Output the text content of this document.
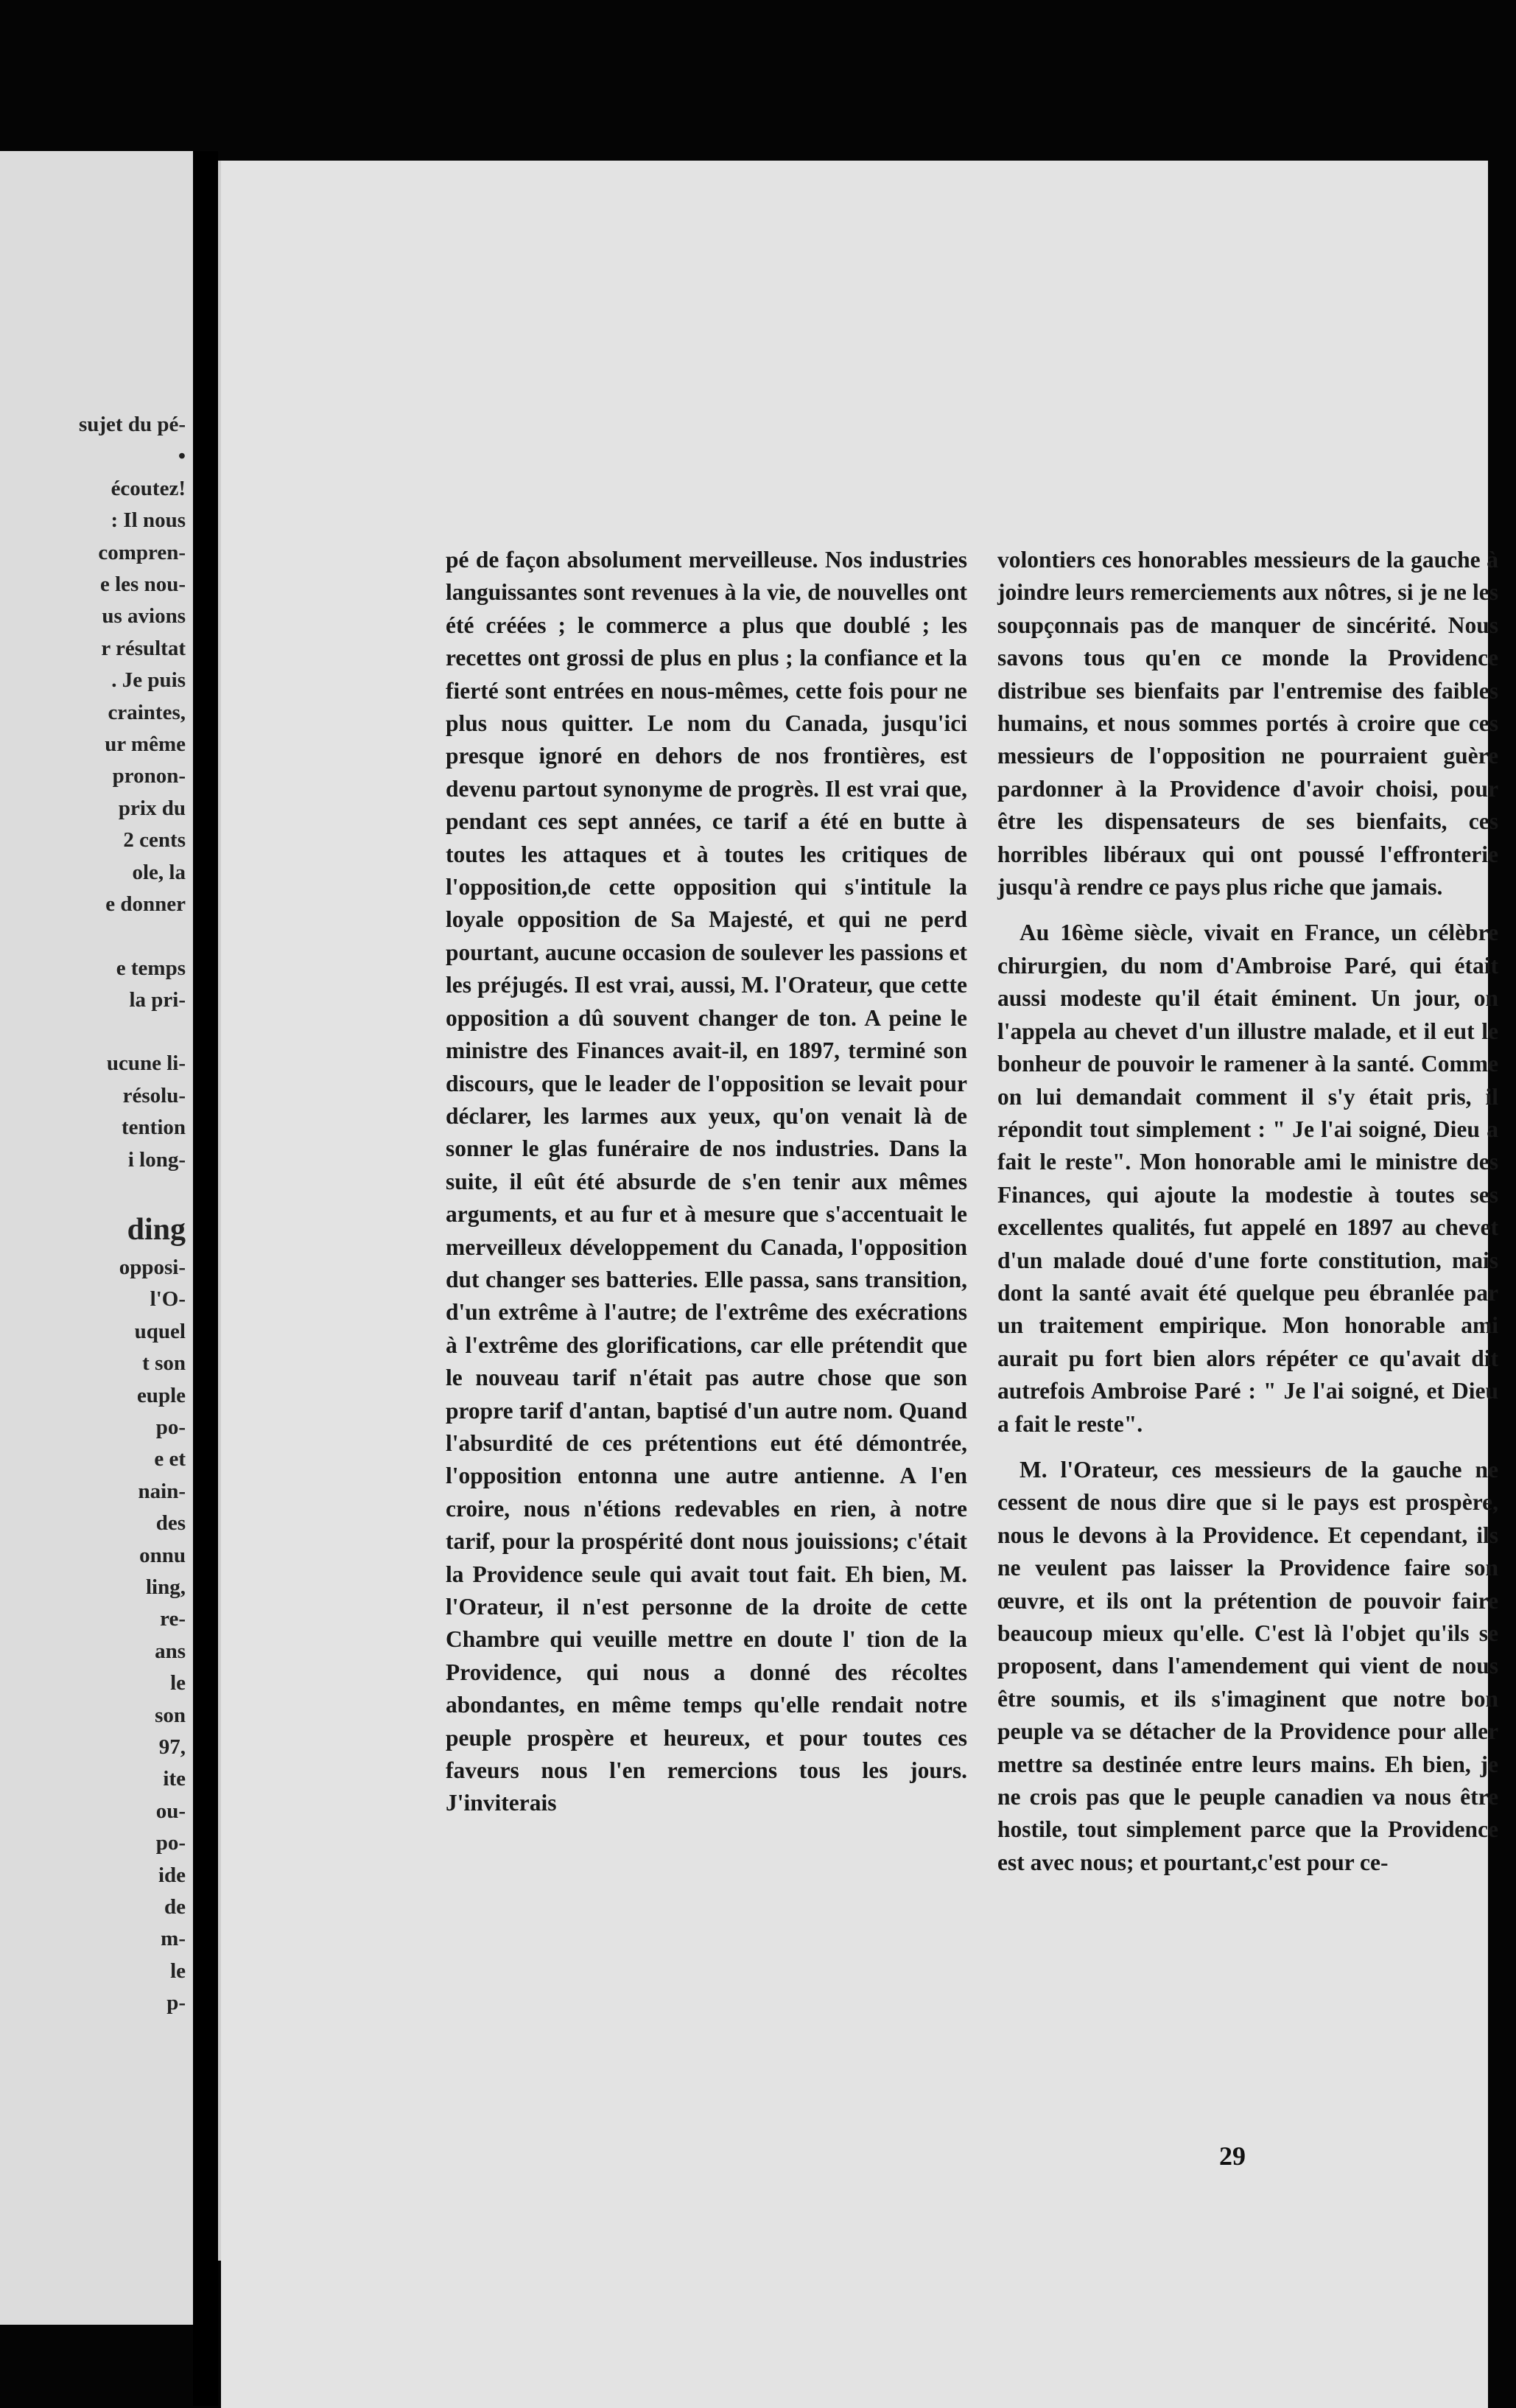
sujet du pé-
•
écoutez!
: Il nous
compren-
e les nou-
us avions
r résultat
. Je puis
craintes,
ur même
pronon-
prix du
2 cents
ole, la
e donner
e temps
la pri-
ucune li-
résolu-
tention
i long-
ding
opposi-
l'O-
uquel
t son
euple
po-
e et
nain-
des
onnu
ling,
re-
ans
le
son
97,
ite
ou-
po-
ide
de
m-
le
p-

pé de façon absolument merveilleuse. Nos industries languissantes sont revenues à la vie, de nouvelles ont été créées ; le commerce a plus que doublé ; les recettes ont grossi de plus en plus ; la confiance et la fierté sont entrées en nous-mêmes, cette fois pour ne plus nous quitter. Le nom du Canada, jusqu'ici presque ignoré en dehors de nos frontières, est devenu partout synonyme de progrès. Il est vrai que, pendant ces sept années, ce tarif a été en butte à toutes les attaques et à toutes les critiques de l'opposition,de cette opposition qui s'intitule la loyale opposition de Sa Majesté, et qui ne perd pourtant, aucune occasion de soulever les passions et les préjugés. Il est vrai, aussi, M. l'Orateur, que cette opposition a dû souvent changer de ton. A peine le ministre des Finances avait-il, en 1897, terminé son discours, que le leader de l'opposition se levait pour déclarer, les larmes aux yeux, qu'on venait là de sonner le glas funéraire de nos industries. Dans la suite, il eût été absurde de s'en tenir aux mêmes arguments, et au fur et à mesure que s'accentuait le merveilleux développement du Canada, l'opposition dut changer ses batteries. Elle passa, sans transition, d'un extrême à l'autre; de l'extrême des exécrations à l'extrême des glorifications, car elle prétendit que le nouveau tarif n'était pas autre chose que son propre tarif d'antan, baptisé d'un autre nom. Quand l'absurdité de ces prétentions eut été démontrée, l'opposition entonna une autre antienne. A l'en croire, nous n'étions redevables en rien, à notre tarif, pour la prospérité dont nous jouissions; c'était la Providence seule qui avait tout fait. Eh bien, M. l'Orateur, il n'est personne de la droite de cette Chambre qui veuille mettre en doute l' tion de la Providence, qui nous a donné des récoltes abondantes, en même temps qu'elle rendait notre peuple prospère et heureux, et pour toutes ces faveurs nous l'en remercions tous les jours. J'inviterais

volontiers ces honorables messieurs de la gauche à joindre leurs remerciements aux nôtres, si je ne les soupçonnais pas de manquer de sincérité. Nous savons tous qu'en ce monde la Providence distribue ses bienfaits par l'entremise des faibles humains, et nous sommes portés à croire que ces messieurs de l'opposition ne pourraient guère pardonner à la Providence d'avoir choisi, pour être les dispensateurs de ses bienfaits, ces horribles libéraux qui ont poussé l'effronterie jusqu'à rendre ce pays plus riche que jamais.

Au 16ème siècle, vivait en France, un célèbre chirurgien, du nom d'Ambroise Paré, qui était aussi modeste qu'il était éminent. Un jour, on l'appela au chevet d'un illustre malade, et il eut le bonheur de pouvoir le ramener à la santé. Comme on lui demandait comment il s'y était pris, il répondit tout simplement : " Je l'ai soigné, Dieu a fait le reste". Mon honorable ami le ministre des Finances, qui ajoute la modestie à toutes ses excellentes qualités, fut appelé en 1897 au chevet d'un malade doué d'une forte constitution, mais dont la santé avait été quelque peu ébranlée par un traitement empirique. Mon honorable ami aurait pu fort bien alors répéter ce qu'avait dit autrefois Ambroise Paré : " Je l'ai soigné, et Dieu a fait le reste".

M. l'Orateur, ces messieurs de la gauche ne cessent de nous dire que si le pays est prospère, nous le devons à la Providence. Et cependant, ils ne veulent pas laisser la Providence faire son œuvre, et ils ont la prétention de pouvoir faire beaucoup mieux qu'elle. C'est là l'objet qu'ils se proposent, dans l'amendement qui vient de nous être soumis, et ils s'imaginent que notre bon peuple va se détacher de la Providence pour aller mettre sa destinée entre leurs mains. Eh bien, je ne crois pas que le peuple canadien va nous être hostile, tout simplement parce que la Providence est avec nous; et pourtant,c'est pour ce-

29
